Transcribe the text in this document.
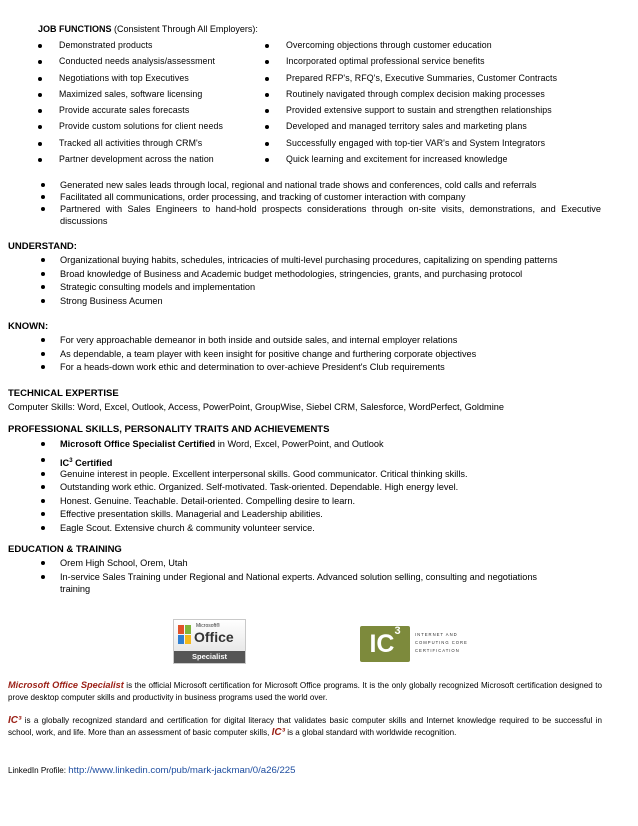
JOB FUNCTIONS (Consistent Through All Employers):
Demonstrated products
Conducted needs analysis/assessment
Negotiations with top Executives
Maximized sales, software licensing
Provide accurate sales forecasts
Provide custom solutions for client needs
Tracked all activities through CRM's
Partner development across the nation
Overcoming objections through customer education
Incorporated optimal professional service benefits
Prepared RFP's, RFQ's, Executive Summaries, Customer Contracts
Routinely navigated through complex decision making processes
Provided extensive support to sustain and strengthen relationships
Developed and managed territory sales and marketing plans
Successfully engaged with top-tier VAR's and System Integrators
Quick learning and excitement for increased knowledge
Generated new sales leads through local, regional and national trade shows and conferences, cold calls and referrals
Facilitated all communications, order processing, and tracking of customer interaction with company
Partnered with Sales Engineers to hand-hold prospects considerations through on-site visits, demonstrations, and Executive discussions
UNDERSTAND:
Organizational buying habits, schedules, intricacies of multi-level purchasing procedures, capitalizing on spending patterns
Broad knowledge of Business and Academic budget methodologies, stringencies, grants, and purchasing protocol
Strategic consulting models and implementation
Strong Business Acumen
KNOWN:
For very approachable demeanor in both inside and outside sales, and internal employer relations
As dependable, a team player with keen insight for positive change and furthering corporate objectives
For a heads-down work ethic and determination to over-achieve President's Club requirements
TECHNICAL EXPERTISE
Computer Skills: Word, Excel, Outlook, Access, PowerPoint, GroupWise, Siebel CRM, Salesforce, WordPerfect, Goldmine
PROFESSIONAL SKILLS, PERSONALITY TRAITS AND ACHIEVEMENTS
Microsoft Office Specialist Certified in Word, Excel, PowerPoint, and Outlook
$IC^3$ Certified
Genuine interest in people. Excellent interpersonal skills. Good communicator. Critical thinking skills.
Outstanding work ethic. Organized. Self-motivated. Task-oriented. Dependable. High energy level.
Honest. Genuine. Teachable. Detail-oriented. Compelling desire to learn.
Effective presentation skills. Managerial and Leadership abilities.
Eagle Scout. Extensive church & community volunteer service.
EDUCATION & TRAINING
Orem High School, Orem, Utah
In-service Sales Training under Regional and National experts. Advanced solution selling, consulting and negotiations training
Microsoft®
Office
Specialist	$IC^3$	INTERNET AND
COMPUTING CORE
CERTIFICATION
Microsoft Office Specialist is the official Microsoft certification for Microsoft Office programs. It is the only globally recognized Microsoft certification designed to prove desktop computer skills and productivity in business programs used the world over.
IC³ is a globally recognized standard and certification for digital literacy that validates basic computer skills and Internet knowledge required to be successful in school, work, and life. More than an assessment of basic computer skills, IC³ is a global standard with worldwide recognition.
LinkedIn Profile: http://www.linkedin.com/pub/mark-jackman/0/a26/225
